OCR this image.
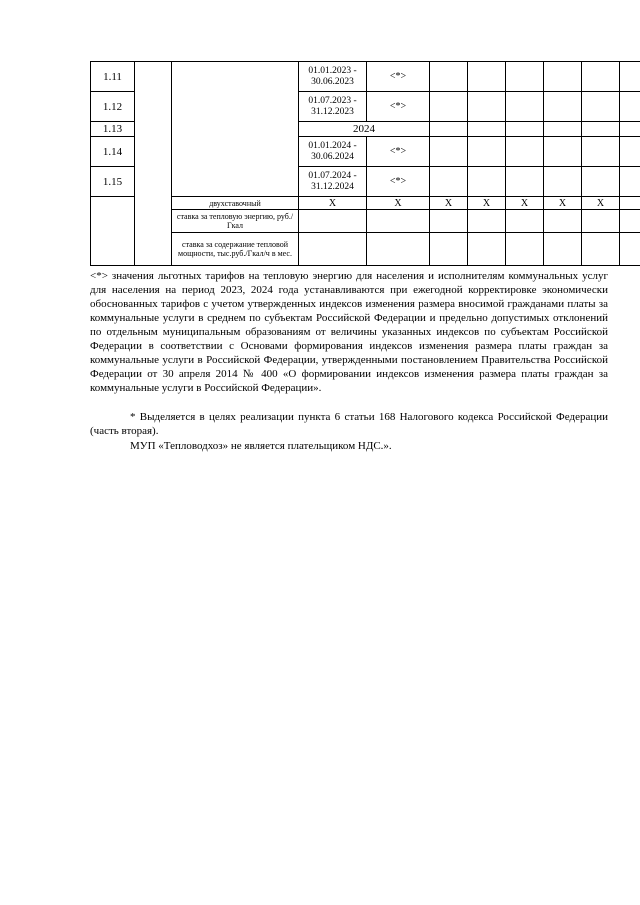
1.11			01.01.2023 - 30.06.2023	<*>						
1.12			01.07.2023 - 31.12.2023	<*>						
1.13			2024							
1.14			01.01.2024 - 30.06.2024	<*>						
1.15			01.07.2024 - 31.12.2024	<*>						
		двухставочный	X	X	X	X	X	X	X	
		ставка за тепловую энергию, руб./Гкал								
		ставка за содержание тепловой мощности, тыс.руб./Гкал/ч в мес.								
<*> значения льготных тарифов на тепловую энергию для населения и исполнителям коммунальных услуг для населения на период 2023, 2024 года устанавливаются при ежегодной корректировке экономически обоснованных тарифов с учетом утвержденных индексов изменения размера вносимой гражданами платы за коммунальные услуги в среднем по субъектам Российской Федерации и предельно допустимых отклонений по отдельным муниципальным образованиям от величины указанных индексов по субъектам Российской Федерации в соответствии с Основами формирования индексов изменения размера платы граждан за коммунальные услуги в Российской Федерации, утвержденными постановлением Правительства Российской Федерации от 30 апреля 2014 № 400 «О формировании индексов изменения размера платы граждан за коммунальные услуги в Российской Федерации».
* Выделяется в целях реализации пункта 6 статьи 168 Налогового кодекса Российской Федерации (часть вторая).
МУП «Тепловодхоз» не является плательщиком НДС.».
